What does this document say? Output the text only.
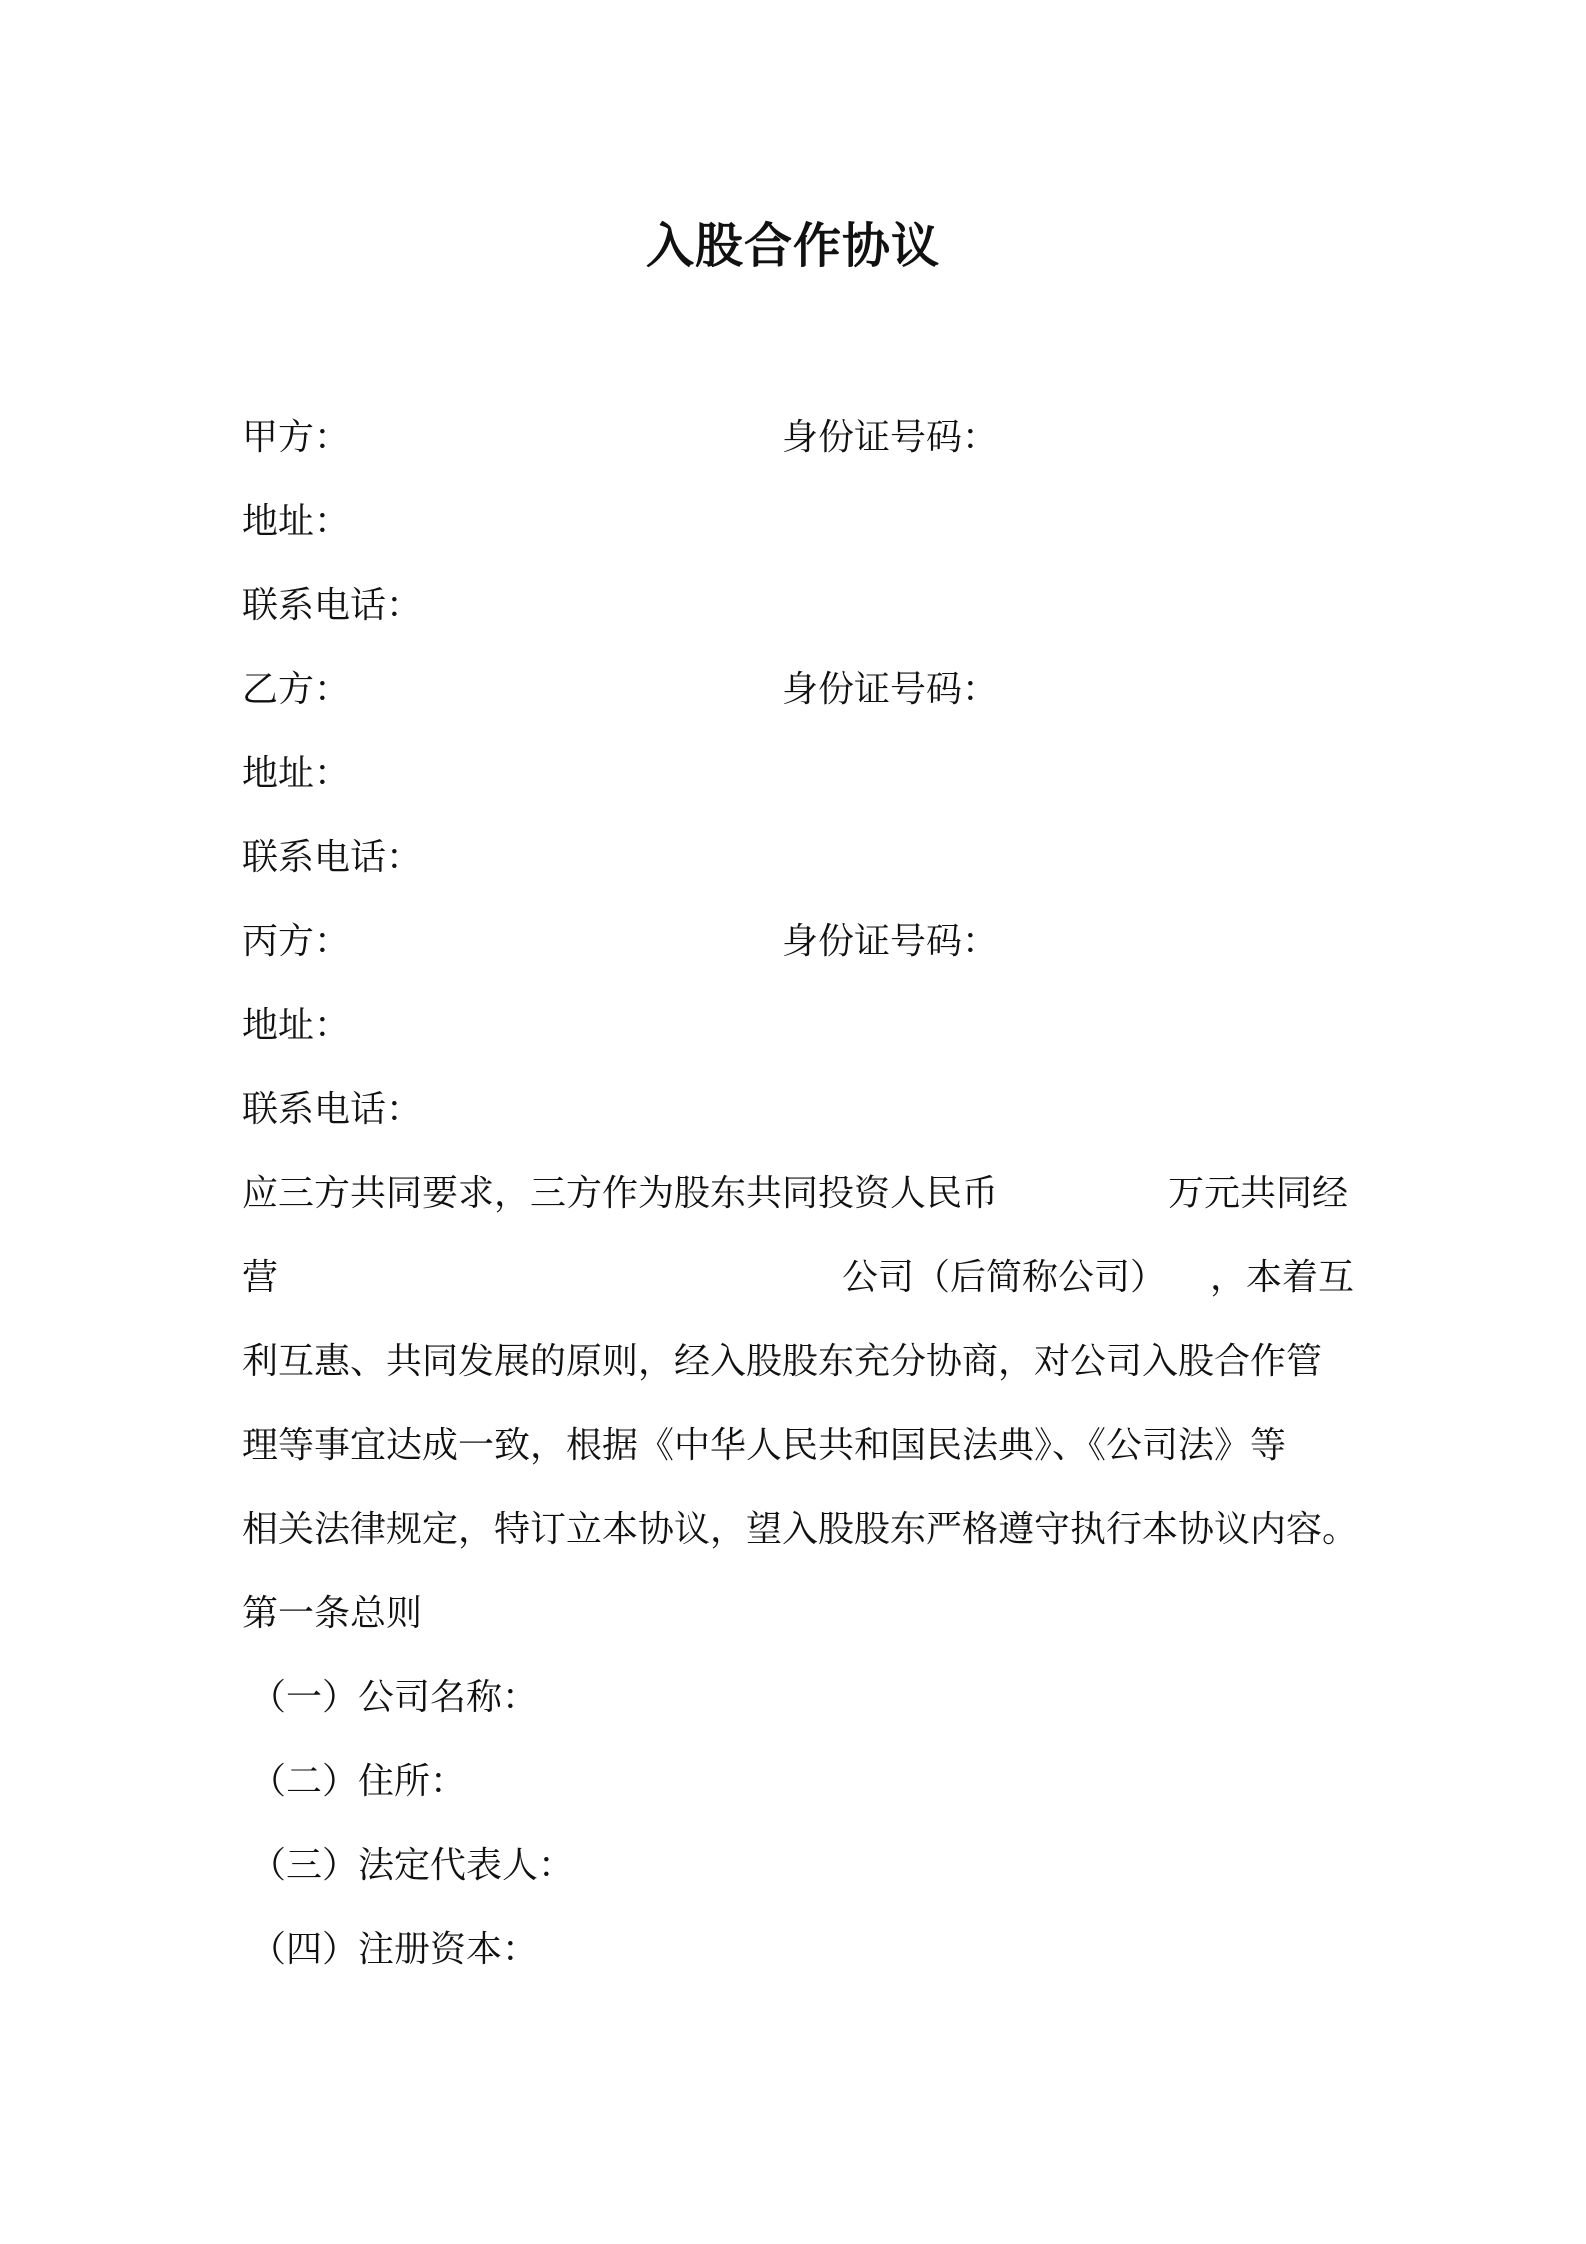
入股合作协议
甲方：	身份证号码：
地址：
联系电话：
乙方：	身份证号码：
地址：
联系电话：
丙方：	身份证号码：
地址：
联系电话：
应三方共同要求，三方作为股东共同投资人民币	万元共同经
营	公司（后简称公司） ，本着互
利互惠、共同发展的原则，经入股股东充分协商，对公司入股合作管
理等事宜达成一致，根据《中华人民共和国民法典》、《公司法》等
相关法律规定，特订立本协议，望入股股东严格遵守执行本协议内容。
第一条总则
（一）公司名称：
（二）住所：
（三）法定代表人：
（四）注册资本：
